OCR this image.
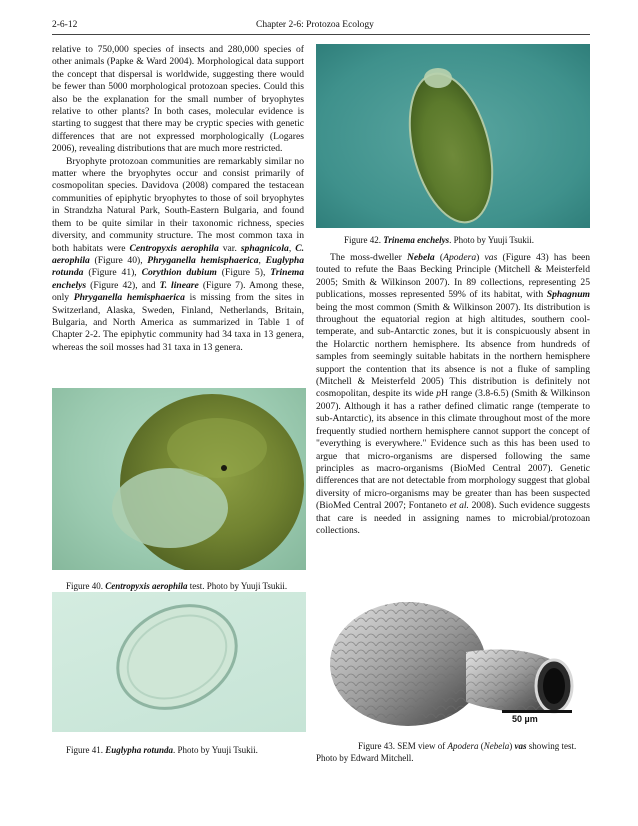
2-6-12	Chapter 2-6: Protozoa Ecology

relative to 750,000 species of insects and 280,000 species of other animals (Papke & Ward 2004). Morphological data support the concept that dispersal is worldwide, suggesting there would be fewer than 5000 morphological protozoan species. Could this also be the explanation for the small number of bryophytes relative to other plants? In both cases, molecular evidence is starting to suggest that there may be cryptic species with genetic differences that are not expressed morphologically (Logares 2006), revealing distributions that are much more restricted.

Bryophyte protozoan communities are remarkably similar no matter where the bryophytes occur and consist primarily of cosmopolitan species. Davidova (2008) compared the testacean communities of epiphytic bryophytes to those of soil bryophytes in Strandzha Natural Park, South-Eastern Bulgaria, and found them to be quite similar in their taxonomic richness, species diversity, and community structure. The most common taxa in both habitats were Centropyxis aerophila var. sphagnicola, C. aerophila (Figure 40), Phryganella hemisphaerica, Euglypha rotunda (Figure 41), Corythion dubium (Figure 5), Trinema enchelys (Figure 42), and T. lineare (Figure 7). Among these, only Phryganella hemisphaerica is missing from the sites in Switzerland, Alaska, Sweden, Finland, Netherlands, Britain, Bulgaria, and North America as summarized in Table 1 of Chapter 2-2. The epiphytic community had 34 taxa in 13 genera, whereas the soil mosses had 31 taxa in 13 genera.

Figure 40. Centropyxis aerophila test. Photo by Yuuji Tsukii.
Figure 41. Euglypha rotunda. Photo by Yuuji Tsukii.
Figure 42. Trinema enchelys. Photo by Yuuji Tsukii.

The moss-dweller Nebela (Apodera) vas (Figure 43) has been touted to refute the Baas Becking Principle (Mitchell & Meisterfeld 2005; Smith & Wilkinson 2007). In 89 collections, representing 25 publications, mosses represented 59% of its habitat, with Sphagnum being the most common (Smith & Wilkinson 2007). Its distribution is throughout the equatorial region at high altitudes, southern cool-temperate, and sub-Antarctic zones, but it is conspicuously absent in the Holarctic northern hemisphere. Its absence from hundreds of samples from seemingly suitable habitats in the northern hemisphere support the contention that its absence is not a fluke of sampling (Mitchell & Meisterfeld 2005) This distribution is definitely not cosmopolitan, despite its wide pH range (3.8-6.5) (Smith & Wilkinson 2007). Although it has a rather defined climatic range (temperate to sub-Antarctic), its absence in this climate throughout most of the more frequently studied northern hemisphere cannot support the concept of "everything is everywhere." Evidence such as this has been used to argue that micro-organisms are dispersed following the same principles as macro-organisms (BioMed Central 2007). Genetic differences that are not detectable from morphology suggest that global diversity of micro-organisms may be greater than has been suspected (BioMed Central 2007; Fontaneto et al. 2008). Such evidence suggests that care is needed in assigning names to microbial/protozoan collections.

50 µm
Figure 43. SEM view of Apodera (Nebela) vas showing test. Photo by Edward Mitchell.
